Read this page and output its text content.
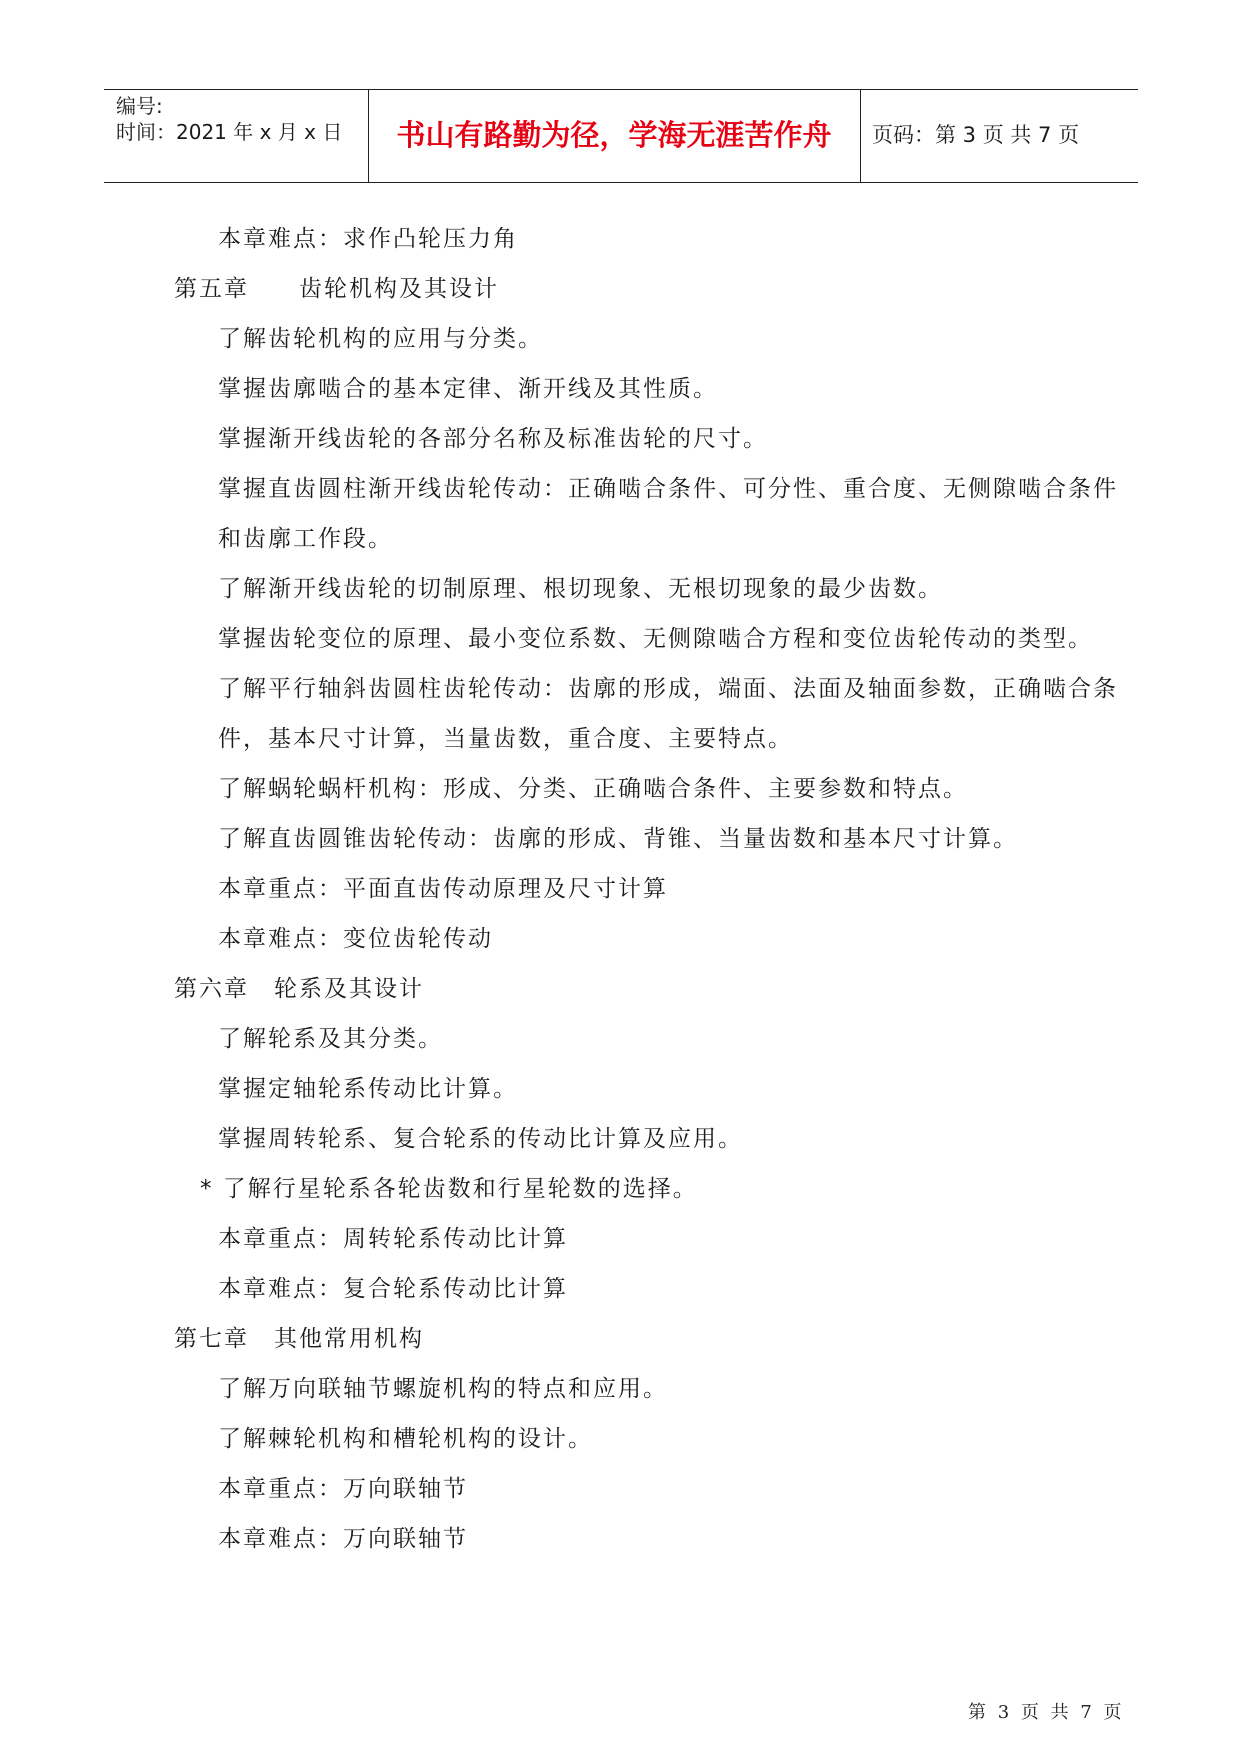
编号:
时间：2021 年 x 月 x 日	书山有路勤为径，学海无涯苦作舟	页码：第 3 页 共 7 页
本章难点：求作凸轮压力角
第五章　　齿轮机构及其设计
了解齿轮机构的应用与分类。
掌握齿廓啮合的基本定律、渐开线及其性质。
掌握渐开线齿轮的各部分名称及标准齿轮的尺寸。
掌握直齿圆柱渐开线齿轮传动：正确啮合条件、可分性、重合度、无侧隙啮合条件
和齿廓工作段。
了解渐开线齿轮的切制原理、根切现象、无根切现象的最少齿数。
掌握齿轮变位的原理、最小变位系数、无侧隙啮合方程和变位齿轮传动的类型。
了解平行轴斜齿圆柱齿轮传动：齿廓的形成，端面、法面及轴面参数，正确啮合条
件，基本尺寸计算，当量齿数，重合度、主要特点。
了解蜗轮蜗杆机构：形成、分类、正确啮合条件、主要参数和特点。
了解直齿圆锥齿轮传动：齿廓的形成、背锥、当量齿数和基本尺寸计算。
本章重点：平面直齿传动原理及尺寸计算
本章难点：变位齿轮传动
第六章　轮系及其设计
了解轮系及其分类。
掌握定轴轮系传动比计算。
掌握周转轮系、复合轮系的传动比计算及应用。
* 了解行星轮系各轮齿数和行星轮数的选择。
本章重点：周转轮系传动比计算
本章难点：复合轮系传动比计算
第七章　其他常用机构
了解万向联轴节螺旋机构的特点和应用。
了解棘轮机构和槽轮机构的设计。
本章重点：万向联轴节
本章难点：万向联轴节
第 3 页 共 7 页
